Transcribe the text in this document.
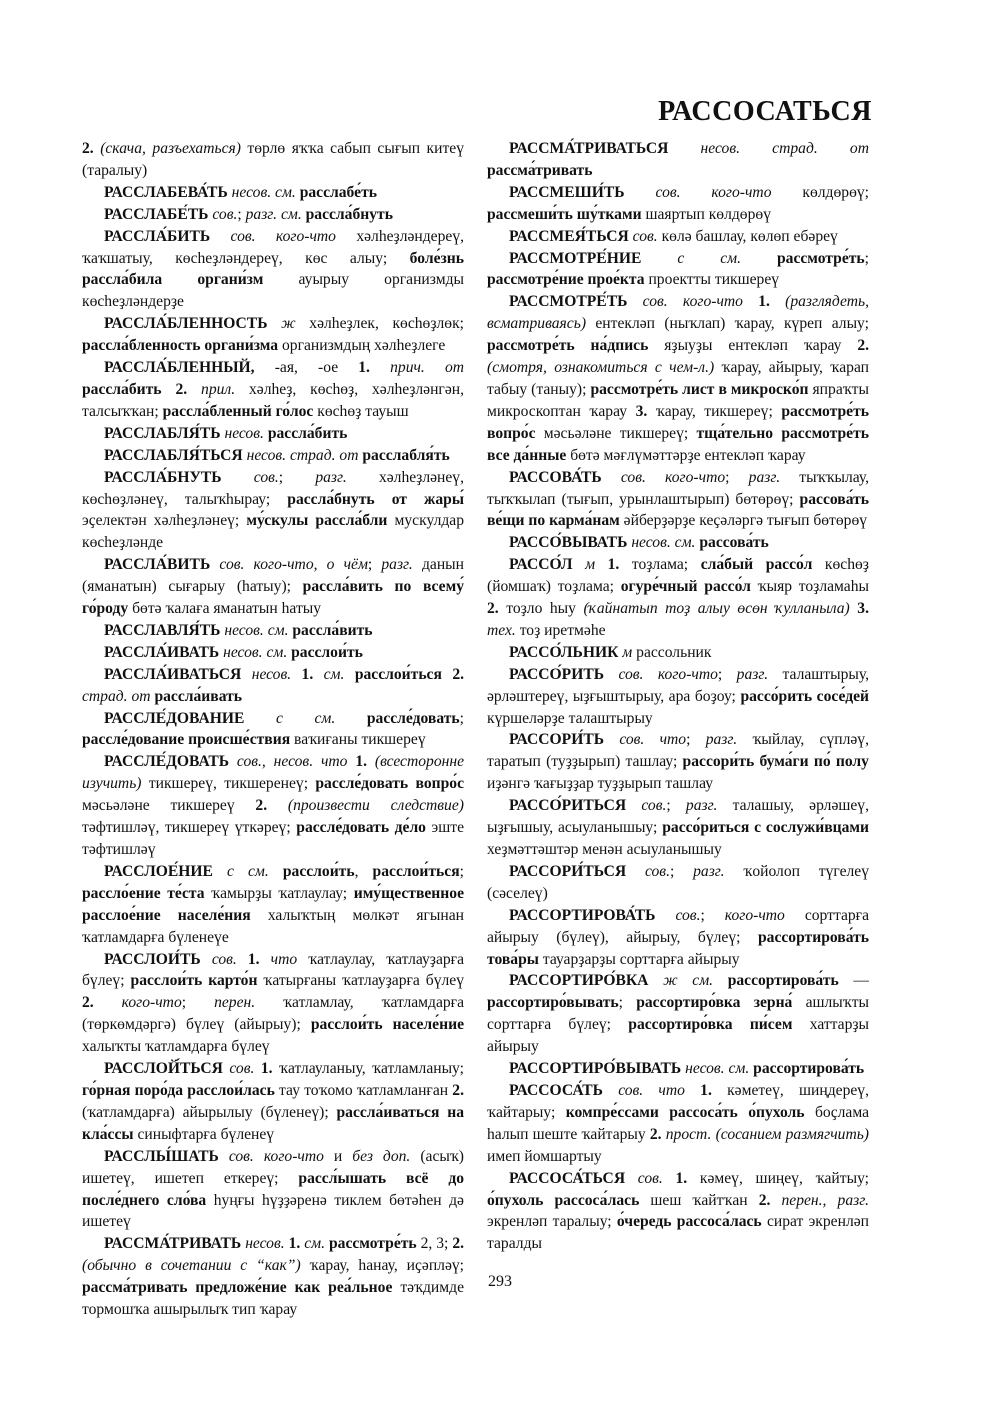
РАССОСАТЬСЯ

2. (скача, разъехаться) төрлө яҡҡа сабып сығып китеү (таралыу)

РАССЛАБЕВА́ТЬ несов. см. расслабе́ть

РАССЛАБЕ́ТЬ сов.; разг. см. рассла́бнуть

РАССЛА́БИТЬ сов. кого-что хәлһеҙләндереү, ҡаҡшатыу, көсһеҙләндереү, көс алыу; боле́знь рассла́била органи́зм ауырыу организмды көсһеҙләндерҙе

РАССЛА́БЛЕННОСТЬ ж хәлһеҙлек, көсһөҙлөк; рассла́бленность органи́зма организмдың хәлһеҙлеге

РАССЛА́БЛЕННЫЙ, -ая, -ое 1. прич. от рассла́бить 2. прил. хәлһеҙ, көсһөҙ, хәлһеҙләнгән, талсыҡҡан; рассла́бленный го́лос көсһөҙ тауыш

РАССЛАБЛЯ́ТЬ несов. рассла́бить

РАССЛАБЛЯ́ТЬСЯ несов. страд. от расслабля́ть

РАССЛА́БНУТЬ сов.; разг. хәлһеҙләнеү, көсһөҙләнеү, талыҡһырау; рассла́бнуть от жары́ эҫелектән хәлһеҙләнеү; му́скулы рассла́бли мускулдар көсһеҙләнде

РАССЛА́ВИТЬ сов. кого-что, о чём; разг. данын (яманатын) сығарыу (һатыу); рассла́вить по всему́ го́роду бөтә ҡалаға яманатын һатыу

РАССЛАВЛЯ́ТЬ несов. см. рассла́вить

РАССЛА́ИВАТЬ несов. см. расслои́ть

РАССЛА́ИВАТЬСЯ несов. 1. см. расслои́ться 2. страд. от рассла́ивать

РАССЛЕ́ДОВАНИЕ с см. рассле́довать; рассле́дование происше́ствия ваҡиғаны тикшереү

РАССЛЕ́ДОВАТЬ сов., несов. что 1. (всесторонне изучить) тикшереү, тикшеренеү; рассле́довать вопро́с мәсьәләне тикшереү 2. (произвести следствие) тәфтишләү, тикшереү үткәреү; рассле́довать де́ло эште тәфтишләү

РАССЛОЕ́НИЕ с см. расслои́ть, расслои́ться; рассло́ение те́ста ҡамырҙы ҡатлаулау; иму́щественное расслое́ние населе́ния халыҡтың мөлкәт ягынан ҡатламдарға бүленеүе

РАССЛОИ́ТЬ сов. 1. что ҡатлаулау, ҡатлауҙарға бүлеү; расслои́ть карто́н ҡатырғаны ҡатлауҙарға бүлеү 2. кого-что; перен. ҡатламлау, ҡатламдарға (төркөмдәргә) бүлеү (айырыу); расслои́ть населе́ние халыҡты ҡатламдарға бүлеү

РАССЛОЙ́ТЬСЯ сов. 1. ҡатлауланыу, ҡатламланыу; го́рная поро́да расслои́лась тау тоҡомо ҡатламланған 2. (ҡатламдарға) айырылыу (бүленеү); рассла́иваться на кла́ссы синыфтарға бүленеү

РАССЛЫ́ШАТЬ сов. кого-что и без доп. (асыҡ) ишетеү, ишетеп еткереү; рассл́ышать всё до после́днего сло́ва һуңғы һүҙҙәренә тиклем бөтәһен дә ишетеү

РАССМА́ТРИВАТЬ несов. 1. см. рассмотре́ть 2, 3; 2. (обычно в сочетании с “как”) ҡарау, һанау, иҫәпләү; рассма́тривать предложе́ние как реа́льное тәҡдимде тормошҡа ашырылыҡ тип ҡарау

РАССМА́ТРИВАТЬСЯ несов. страд. от рассма́тривать

РАССМЕШИ́ТЬ сов. кого-что көлдөрөү; рассмеши́ть шу́тками шаяртып көлдөрөү

РАССМЕЯ́ТЬСЯ сов. көлә башлау, көлөп ебәреү

РАССМОТРЕ́НИЕ с см. рассмотре́ть; рассмотре́ние прое́кта проектты тикшереү

РАССМОТРЕ́ТЬ сов. кого-что 1. (разглядеть, всматриваясь) ентекләп (ныҡлап) ҡарау, күреп алыу; рассмотре́ть на́дпись яҙыуҙы ентекләп ҡарау 2. (смотря, ознакомиться с чем-л.) ҡарау, айырыу, ҡарап табыу (таныу); рассмотре́ть лист в микроско́п япраҡты микроскоптан ҡарау 3. ҡарау, тикшереү; рассмотре́ть вопро́с мәсьәләне тикшереү; тща́тельно рассмотре́ть все да́нные бөтә мәғлүмәттәрҙе ентекләп ҡарау

РАССОВА́ТЬ сов. кого-что; разг. тыҡҡылау, тыҡҡылап (тығып, урынлаштырып) бөтөрөү; рассова́ть ве́щи по карма́нам әйберҙәрҙе кеҫәләргә тығып бөтөрөү

РАССО́ВЫВАТЬ несов. см. рассова́ть

РАССО́Л м 1. тоҙлама; сла́бый рассо́л көсһөҙ (йомшаҡ) тоҙлама; огуре́чный рассо́л ҡыяр тоҙламаһы 2. тоҙло һыу (ҡайнатып тоҙ алыу өсөн ҡулланыла) 3. тех. тоҙ иретмәһе

РАССО́ЛЬНИК м рассольник

РАССО́РИТЬ сов. кого-что; разг. талаштырыу, әрләштереү, ыҙғыштырыу, ара боҙоу; рассо́рить сосе́дей күршеләрҙе талаштырыу

РАССОРИ́ТЬ сов. что; разг. ҡыйлау, сүпләү, таратып (туҙҙырып) ташлау; рассори́ть бума́ги по́ полу иҙәнгә ҡағыҙҙар туҙҙырып ташлау

РАССО́РИТЬСЯ сов.; разг. талашыу, әрләшеү, ыҙғышыу, асыуланышыу; рассо́риться с сослужи́вцами хеҙмәттәштәр менән асыуланышыу

РАССОРИ́ТЬСЯ сов.; разг. ҡойолоп түгелеү (сәселеү)

РАССОРТИРОВА́ТЬ сов.; кого-что сорттарға айырыу (бүлеү), айырыу, бүлеү; рассортирова́ть това́ры тауарҙарҙы сорттарға айырыу

РАССОРТИРО́ВКА ж см. рассортирова́ть — рассортиро́вывать; рассортиро́вка зерна́ ашлыҡты сорттарға бүлеү; рассортиро́вка пи́сем хаттарҙы айырыу

РАССОРТИРО́ВЫВАТЬ несов. см. рассортирова́ть

РАССОСА́ТЬ сов. что 1. кәметеү, шиңдереү, ҡайтарыу; компре́ссами рассоса́ть о́пухоль боҫлама һалып шеште ҡайтарыу 2. прост. (сосанием размягчить) имеп йомшартыу

РАССОСА́ТЬСЯ сов. 1. кәмеү, шиңеү, ҡайтыу; о́пухоль рассоса́лась шеш ҡайтҡан 2. перен., разг. экренләп таралыу; о́чередь рассоса́лась сират экренләп таралды

293
